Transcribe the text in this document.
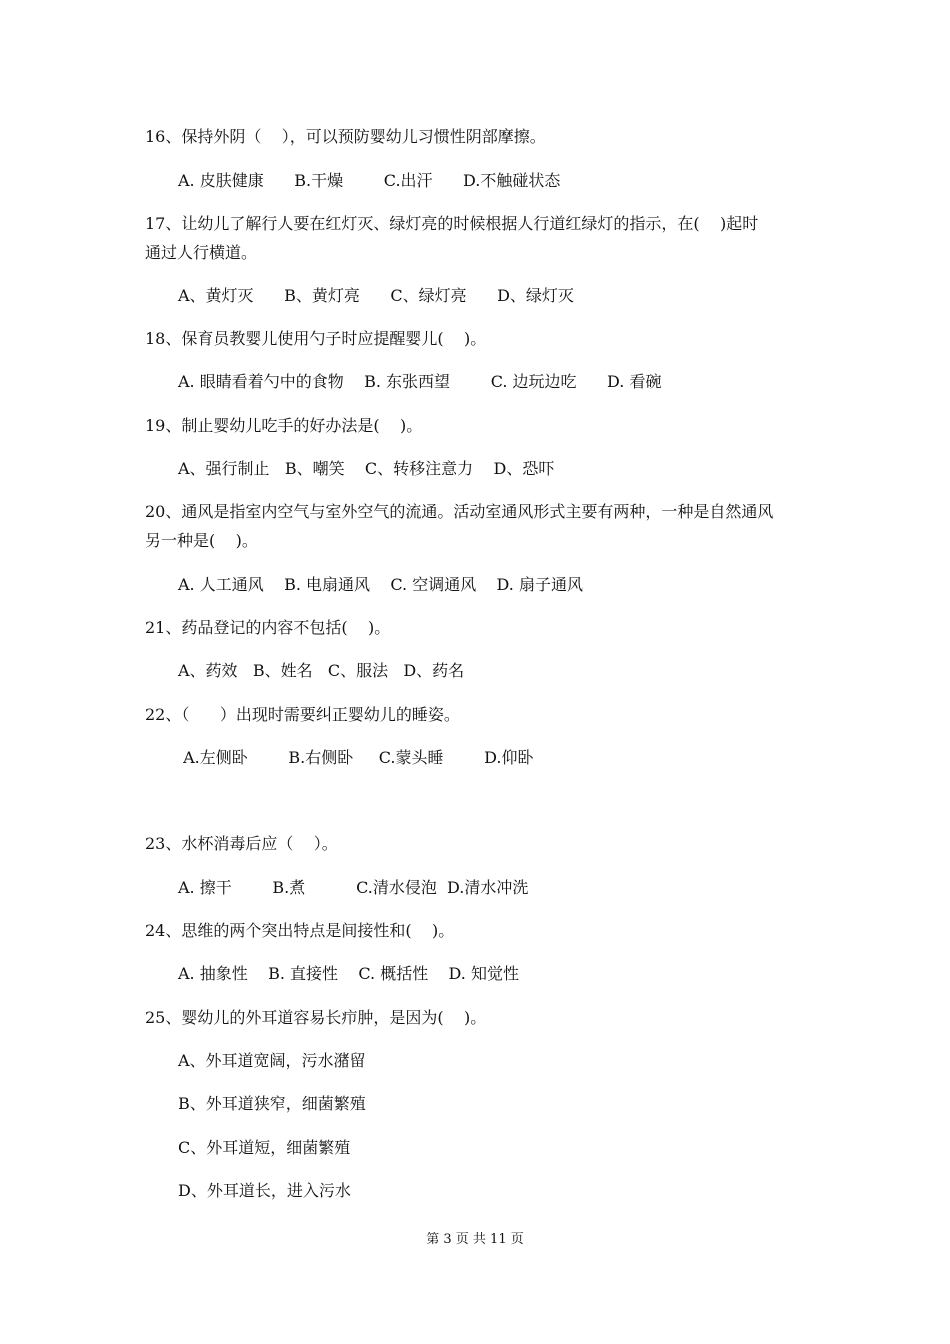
16、保持外阴（    ），可以预防婴幼儿习惯性阴部摩擦。
A. 皮肤健康      B.干燥        C.出汗      D.不触碰状态
17、让幼儿了解行人要在红灯灭、绿灯亮的时候根据人行道红绿灯的指示，在(    )起时
通过人行横道。
A、黄灯灭      B、黄灯亮      C、绿灯亮      D、绿灯灭
18、保育员教婴儿使用勺子时应提醒婴儿(    )。
A. 眼睛看着勺中的食物    B. 东张西望        C. 边玩边吃      D. 看碗
19、制止婴幼儿吃手的好办法是(    )。
A、强行制止   B、嘲笑    C、转移注意力    D、恐吓
20、通风是指室内空气与室外空气的流通。活动室通风形式主要有两种，一种是自然通风
另一种是(    )。
A. 人工通风    B. 电扇通风    C. 空调通风    D. 扇子通风
21、药品登记的内容不包括(    )。
A、药效   B、姓名   C、服法   D、药名
22、（      ）出现时需要纠正婴幼儿的睡姿。
A.左侧卧        B.右侧卧     C.蒙头睡        D.仰卧
23、水杯消毒后应（    ）。
A. 擦干        B.煮          C.清水侵泡  D.清水冲洗
24、思维的两个突出特点是间接性和(    )。
A. 抽象性    B. 直接性    C. 概括性    D. 知觉性
25、婴幼儿的外耳道容易长疖肿，是因为(    )。
A、外耳道宽阔，污水潴留
B、外耳道狭窄，细菌繁殖
C、外耳道短，细菌繁殖
D、外耳道长，进入污水
第 3 页 共 11 页
